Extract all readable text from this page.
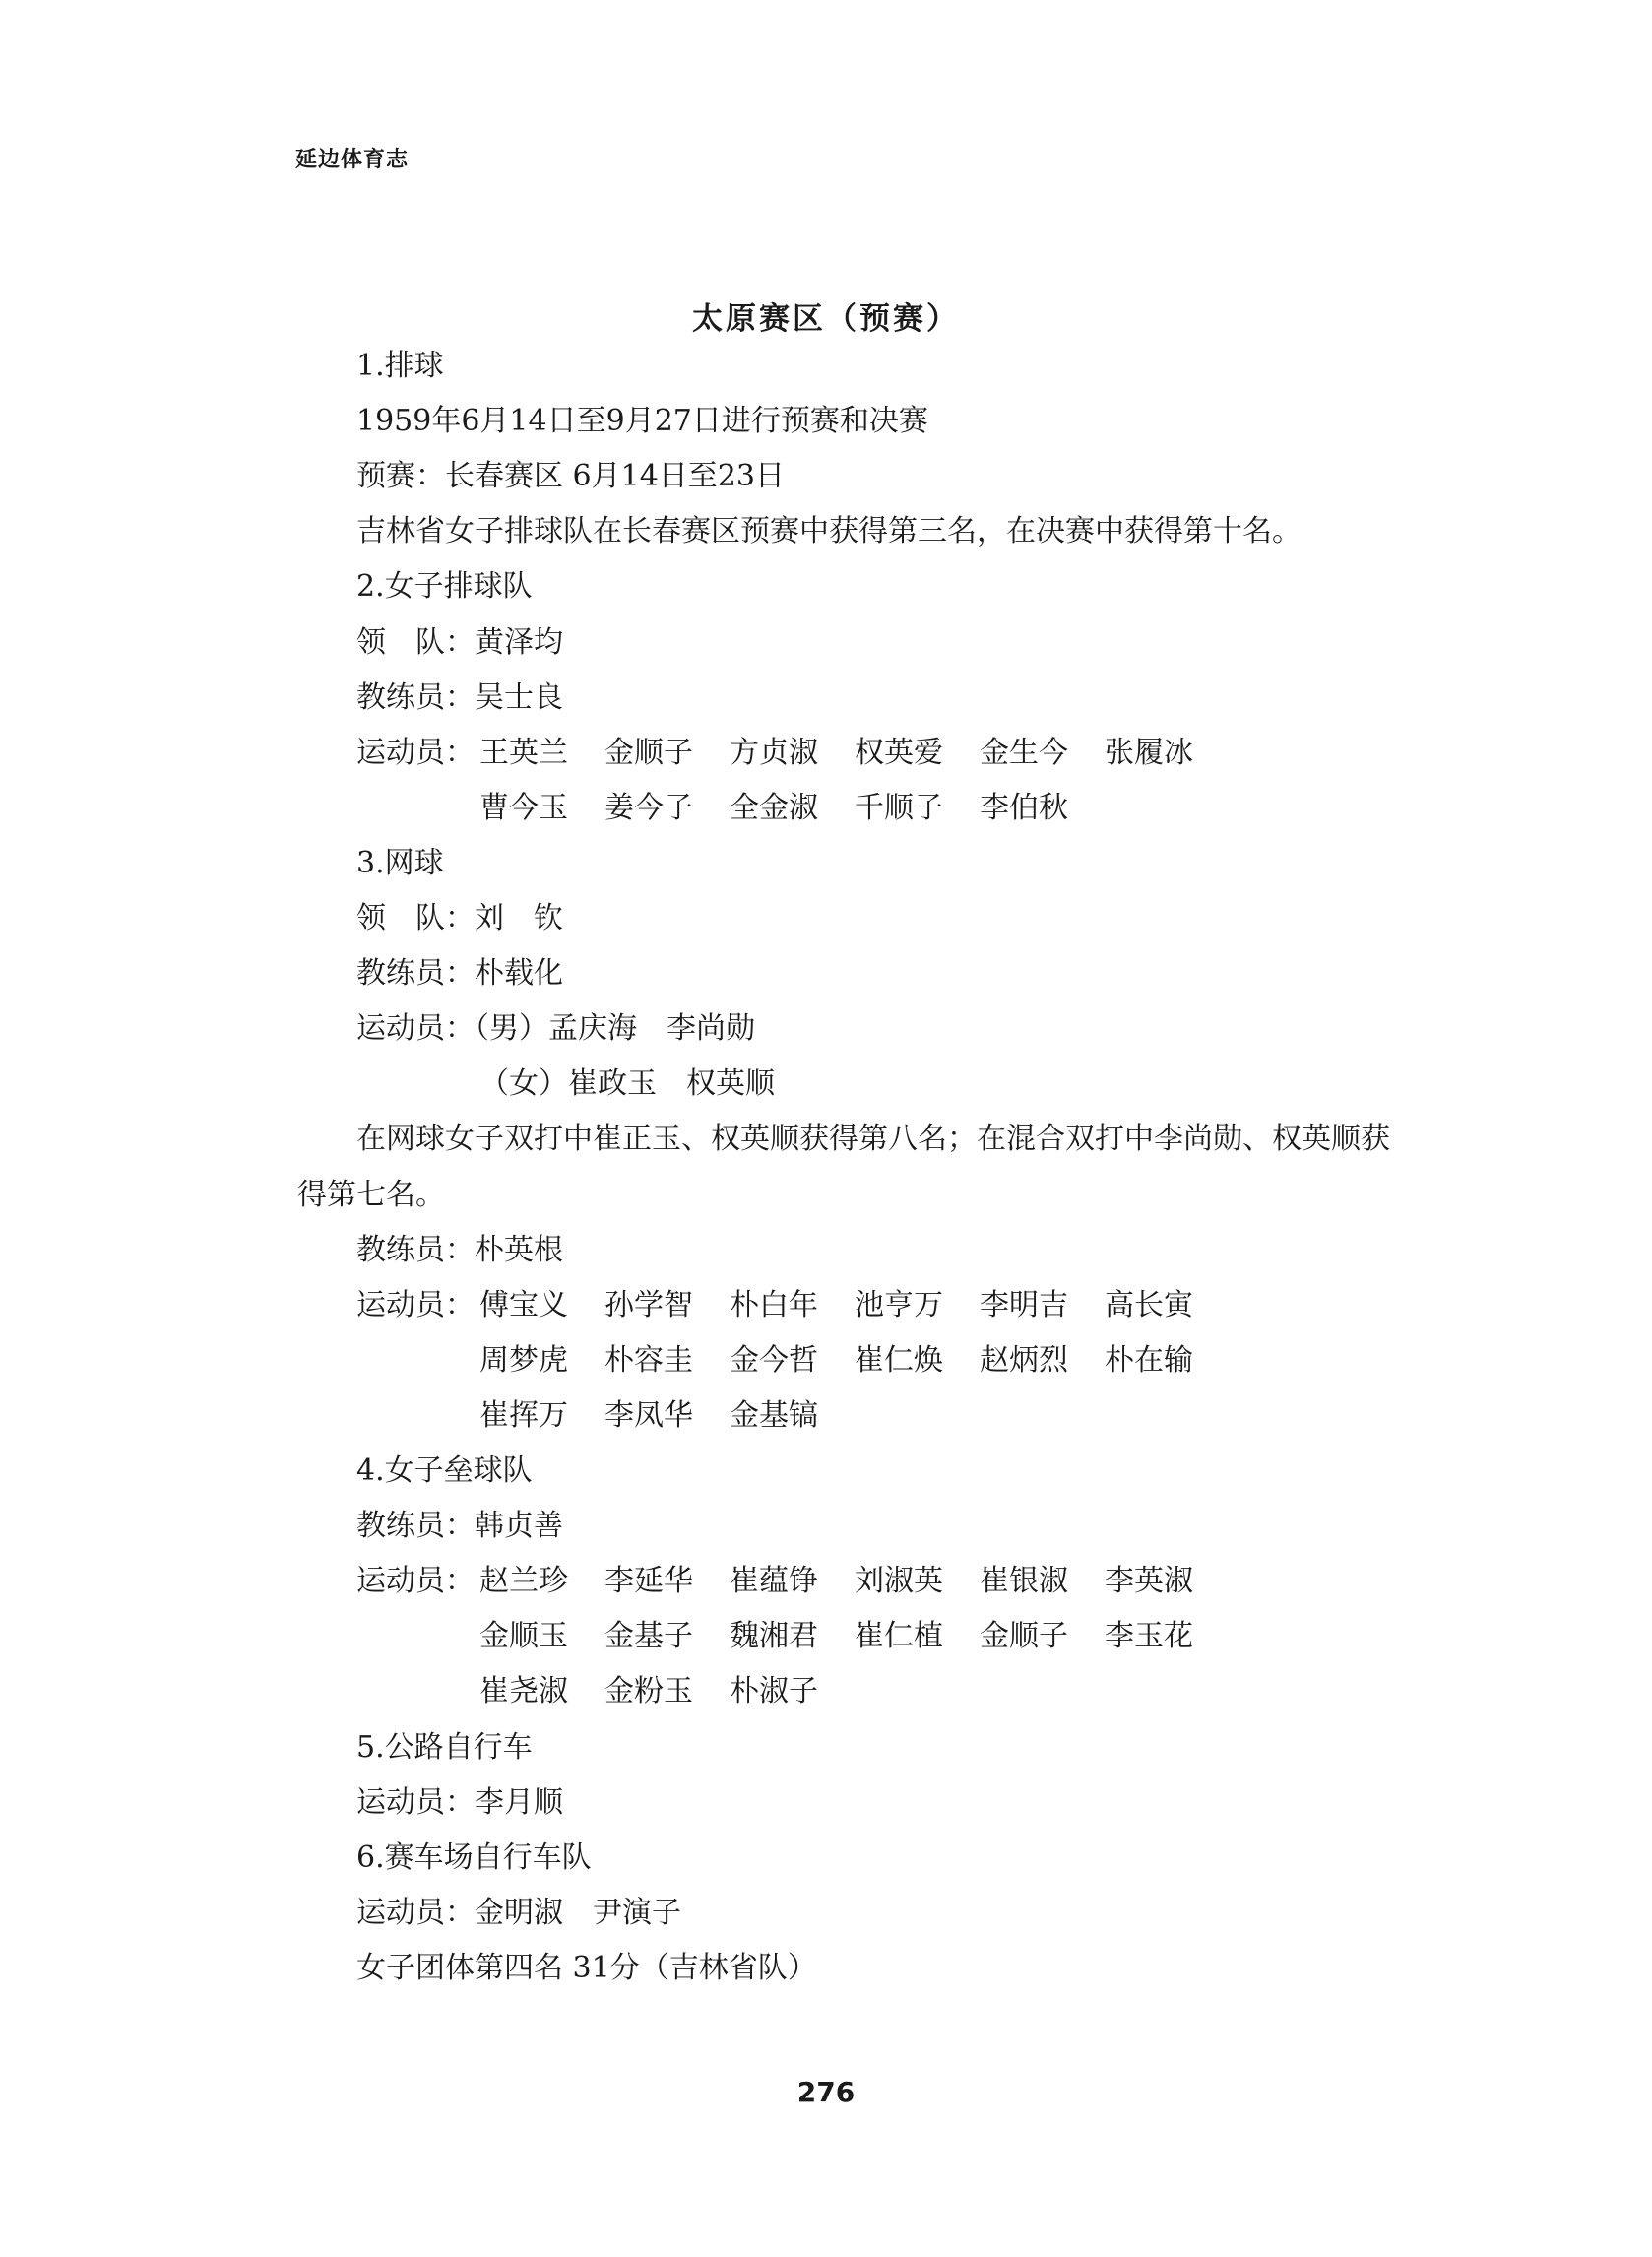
延边体育志
太原赛区（预赛）
1.排球
1959年6月14日至9月27日进行预赛和决赛
预赛：长春赛区 6月14日至23日
吉林省女子排球队在长春赛区预赛中获得第三名，在决赛中获得第十名。
2.女子排球队
领　队：黄泽均
教练员：吴士良
运动员： 王英兰	金顺子	方贞淑	权英爱	金生今	张履冰
曹今玉	姜今子	全金淑	千顺子	李伯秋
3.网球
领　队：刘　钦
教练员：朴载化
运动员：（男）孟庆海　李尚勋
（女）崔政玉　权英顺
在网球女子双打中崔正玉、权英顺获得第八名；在混合双打中李尚勋、权英顺获
得第七名。
教练员：朴英根
运动员： 傅宝义	孙学智	朴白年	池亨万	李明吉	高长寅
周梦虎	朴容圭	金今哲	崔仁焕	赵炳烈	朴在输
崔挥万	李凤华	金基镐
4.女子垒球队
教练员：韩贞善
运动员： 赵兰珍	李延华	崔蕴铮	刘淑英	崔银淑	李英淑
金顺玉	金基子	魏湘君	崔仁植	金顺子	李玉花
崔尧淑	金粉玉	朴淑子
5.公路自行车
运动员：李月顺
6.赛车场自行车队
运动员：金明淑　尹演子
女子团体第四名 31分（吉林省队）
276
